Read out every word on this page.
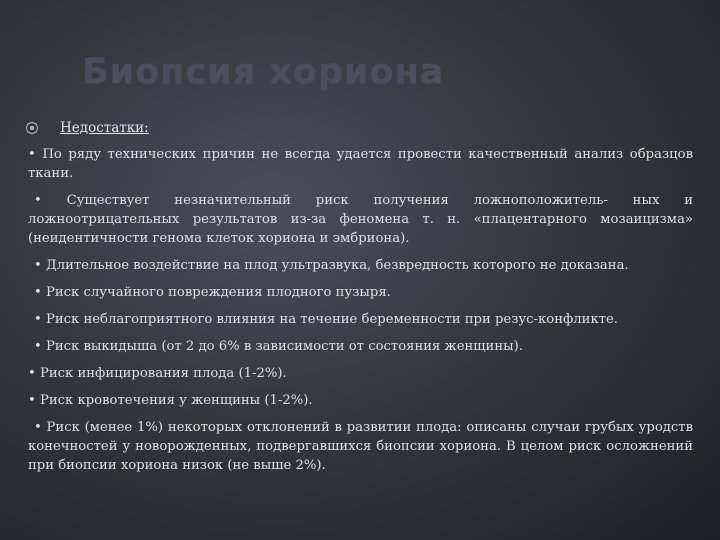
Биопсия хориона
Недостатки:
• По ряду технических причин не всегда удается провести качественный анализ образцов ткани.
• Существует незначительный риск получения ложноположитель- ных и ложноотрицательных результатов из-за феномена т. н. «плацентарного мозаицизма» (неидентичности генома клеток хориона и эмбриона).
• Длительное воздействие на плод ультразвука, безвредность которого не доказана.
• Риск случайного повреждения плодного пузыря.
• Риск неблагоприятного влияния на течение беременности при резус-конфликте.
• Риск выкидыша (от 2 до 6% в зависимости от состояния женщины).
• Риск инфицирования плода (1-2%).
• Риск кровотечения у женщины (1-2%).
• Риск (менее 1%) некоторых отклонений в развитии плода: описаны случаи грубых уродств конечностей у новорожденных, подвергавшихся биопсии хориона. В целом риск осложнений при биопсии хориона низок (не выше 2%).
